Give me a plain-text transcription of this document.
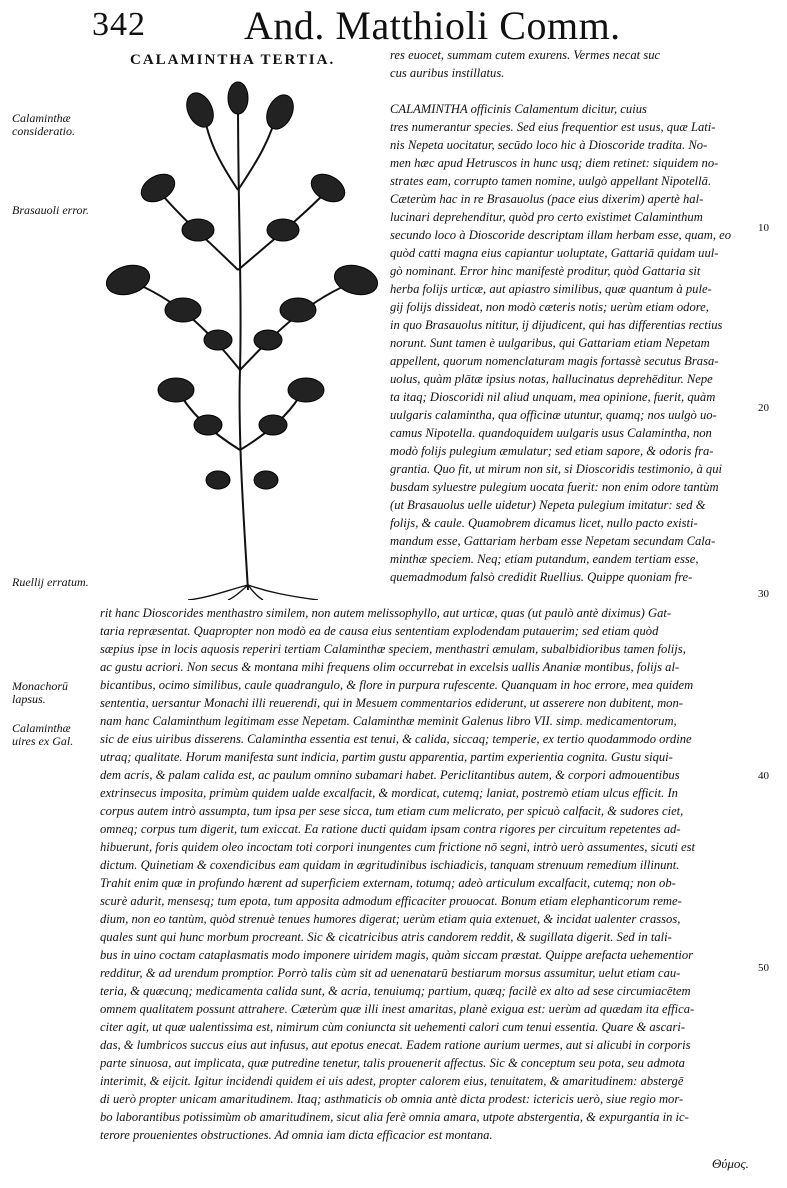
342 And. Matthioli Comm.
CALAMINTHA TERTIA.
Calaminthæ consideratio.
Brasauoli error.
Ruellij erratum.
Monachorū lapsus.
Calaminthæ uires ex Gal.
10
20
30
40
50
res euocet, summam cutem exurens. Vermes necat suc
cus auribus instillatus.
CALAMINTHA officinis Calamentum dicitur, cuius
tres numerantur species. Sed eius frequentior est usus, quæ Lati-
nis Nepeta uocitatur, secūdo loco hic à Dioscoride tradita. No-
men hæc apud Hetruscos in hunc usq; diem retinet: siquidem no-
strates eam, corrupto tamen nomine, uulgò appellant Nipotellā.
Cæterùm hac in re Brasauolus (pace eius dixerim) apertè hal-
lucinari deprehenditur, quòd pro certo existimet Calaminthum
secundo loco à Dioscoride descriptam illam herbam esse, quam, eo
quòd catti magna eius capiantur uoluptate, Gattariā quidam uul-
gò nominant. Error hinc manifestè proditur, quòd Gattaria sit
herba folijs urticæ, aut apiastro similibus, quæ quantum à pule-
gij folijs dissideat, non modò cæteris notis; uerùm etiam odore,
in quo Brasauolus nititur, ij dijudicent, qui has differentias rectius
norunt. Sunt tamen è uulgaribus, qui Gattariam etiam Nepetam
appellent, quorum nomenclaturam magis fortassè secutus Brasa-
uolus, quàm plātæ ipsius notas, hallucinatus deprehēditur. Nepe
ta itaq; Dioscoridi nil aliud unquam, mea opinione, fuerit, quàm
uulgaris calamintha, qua officinæ utuntur, quamq; nos uulgò uo-
camus Nipotella. quandoquidem uulgaris usus Calamintha, non
modò folijs pulegium æmulatur; sed etiam sapore, & odoris fra-
grantia. Quo fit, ut mirum non sit, si Dioscoridis testimonio, à qui
busdam syluestre pulegium uocata fuerit: non enim odore tantùm
(ut Brasauolus uelle uidetur) Nepeta pulegium imitatur: sed &
folijs, & caule. Quamobrem dicamus licet, nullo pacto existi-
mandum esse, Gattariam herbam esse Nepetam secundam Cala-
minthæ speciem. Neq; etiam putandum, eandem tertiam esse,
quemadmodum falsò credidit Ruellius. Quippe quoniam fre-
rit hanc Dioscorides menthastro similem, non autem melissophyllo, aut urticæ, quas (ut paulò antè diximus) Gat-
taria repræsentat. Quapropter non modò ea de causa eius sententiam explodendam putauerim; sed etiam quòd
sæpius ipse in locis aquosis reperiri tertiam Calaminthæ speciem, menthastri æmulam, subalbidioribus tamen folijs,
ac gustu acriori. Non secus & montana mihi frequens olim occurrebat in excelsis uallis Ananiæ montibus, folijs al-
bicantibus, ocimo similibus, caule quadrangulo, & flore in purpura rufescente. Quanquam in hoc errore, mea quidem
sententia, uersantur Monachi illi reuerendi, qui in Mesuem commentarios ediderunt, ut asserere non dubitent, mon-
nam hanc Calaminthum legitimam esse Nepetam. Calaminthæ meminit Galenus libro VII. simp. medicamentorum,
sic de eius uiribus disserens. Calamintha essentia est tenui, & calida, siccaq; temperie, ex tertio quodammodo ordine
utraq; qualitate. Horum manifesta sunt indicia, partim gustu apparentia, partim experientia cognita. Gustu siqui-
dem acris, & palam calida est, ac paulum omnino subamari habet. Periclitantibus autem, & corpori admouentibus
extrinsecus imposita, primùm quidem ualde excalfacit, & mordicat, cutemq; laniat, postremò etiam ulcus efficit. In
corpus autem intrò assumpta, tum ipsa per sese sicca, tum etiam cum melicrato, per spicuò calfacit, & sudores ciet,
omneq; corpus tum digerit, tum exiccat. Ea ratione ducti quidam ipsam contra rigores per circuitum repetentes ad-
hibuerunt, foris quidem oleo incoctam toti corpori inungentes cum frictione nō segni, intrò uerò assumentes, sicuti est
dictum. Quinetiam & coxendicibus eam quidam in ægritudinibus ischiadicis, tanquam strenuum remedium illinunt.
Trahit enim quæ in profundo hærent ad superficiem externam, totumq; adeò articulum excalfacit, cutemq; non ob-
scurè adurit, mensesq; tum epota, tum apposita admodum efficaciter prouocat. Bonum etiam elephanticorum reme-
dium, non eo tantùm, quòd strenuè tenues humores digerat; uerùm etiam quia extenuet, & incidat ualenter crassos,
quales sunt qui hunc morbum procreant. Sic & cicatricibus atris candorem reddit, & sugillata digerit. Sed in tali-
bus in uino coctam cataplasmatis modo imponere uiridem magis, quàm siccam præstat. Quippe arefacta uehementior
redditur, & ad urendum promptior. Porrò talis cùm sit ad uenenatarū bestiarum morsus assumitur, uelut etiam cau-
teria, & quæcunq; medicamenta calida sunt, & acria, tenuiumq; partium, quæq; facilè ex alto ad sese circumiacētem
omnem qualitatem possunt attrahere. Cæterùm quæ illi inest amaritas, planè exigua est: uerùm ad quædam ita effica-
citer agit, ut quæ ualentissima est, nimirum cùm coniuncta sit uehementi calori cum tenui essentia. Quare & ascari-
das, & lumbricos succus eius aut infusus, aut epotus enecat. Eadem ratione aurium uermes, aut si alicubi in corporis
parte sinuosa, aut implicata, quæ putredine tenetur, talis prouenerit affectus. Sic & conceptum seu pota, seu admota
interimit, & eijcit. Igitur incidendi quidem ei uis adest, propter calorem eius, tenuitatem, & amaritudinem: abstergē
di uerò propter unicam amaritudinem. Itaq; asthmaticis ob omnia antè dicta prodest: ictericis uerò, siue regio mor-
bo laborantibus potissimùm ob amaritudinem, sicut alia ferè omnia amara, utpote abstergentia, & expurgantia in ic-
terore prouenientes obstructiones. Ad omnia iam dicta efficacior est montana.
Θύμος.
